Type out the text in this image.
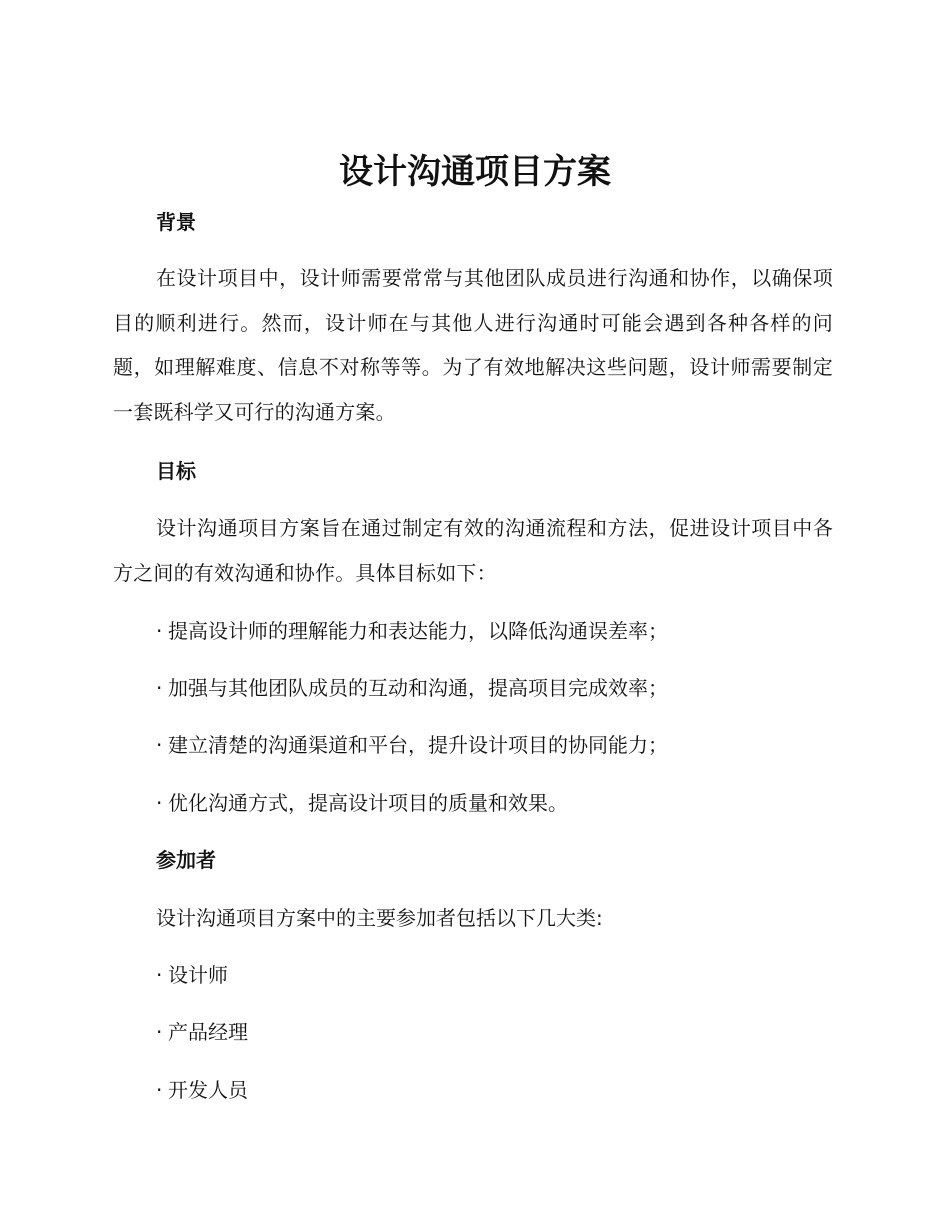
设计沟通项目方案
背景

在设计项目中，设计师需要常常与其他团队成员进行沟通和协作，以确保项目的顺利进行。然而，设计师在与其他人进行沟通时可能会遇到各种各样的问题，如理解难度、信息不对称等等。为了有效地解决这些问题，设计师需要制定一套既科学又可行的沟通方案。

目标

设计沟通项目方案旨在通过制定有效的沟通流程和方法，促进设计项目中各方之间的有效沟通和协作。具体目标如下：

· 提高设计师的理解能力和表达能力，以降低沟通误差率；

· 加强与其他团队成员的互动和沟通，提高项目完成效率；

· 建立清楚的沟通渠道和平台，提升设计项目的协同能力；

· 优化沟通方式，提高设计项目的质量和效果。

参加者

设计沟通项目方案中的主要参加者包括以下几大类:

· 设计师

· 产品经理

· 开发人员
